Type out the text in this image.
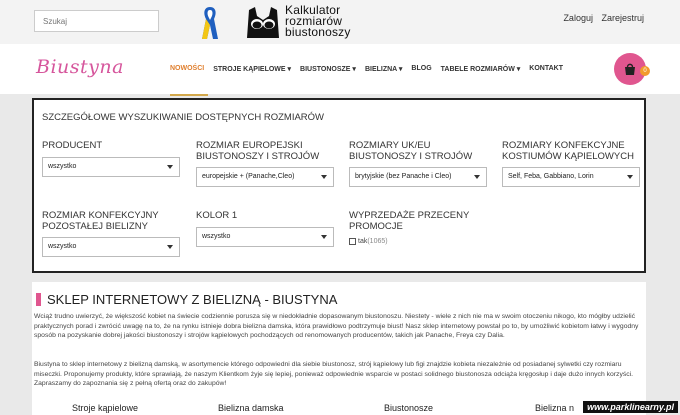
Szukaj
Kalkulator
rozmiarów
biustonoszy
Zaloguj Zarejestruj
Biustyna	NOWOŚCI STROJE KĄPIELOWE ▾ BIUSTONOSZE ▾ BIELIZNA ▾ BLOG TABELE ROZMIARÓW ▾ KONTAKT	0
SZCZEGÓŁOWE WYSZUKIWANIE DOSTĘPNYCH ROZMIARÓW
PRODUCENT
wszystko
ROZMIAR EUROPEJSKI BIUSTONOSZY I STROJÓW
europejskie + (Panache,Cleo)
ROZMIARY UK/EU BIUSTONOSZY I STROJÓW
brytyjskie (bez Panache i Cleo)
ROZMIARY KONFEKCYJNE KOSTIUMÓW KĄPIELOWYCH
Self, Feba, Gabbiano, Lorin
ROZMIAR KONFEKCYJNY POZOSTAŁEJ BIELIZNY
wszystko
KOLOR 1
wszystko
WYPRZEDAŻE PRZECENY PROMOCJE
tak (1065)
SKLEP INTERNETOWY Z BIELIZNĄ - BIUSTYNA

Wciąż trudno uwierzyć, że większość kobiet na świecie codziennie porusza się w niedokładnie dopasowanym biustonoszu. Niestety - wiele z nich nie ma w swoim otoczeniu nikogo, kto mógłby udzielić praktycznych porad i zwrócić uwagę na to, że na rynku istnieje dobra bielizna damska, która prawidłowo podtrzymuje biust! Nasz sklep internetowy powstał po to, by umożliwić kobietom łatwy i wygodny sposób na pozyskanie dobrej jakości biustonoszy i strojów kąpielowych pochodzących od renomowanych producentów, takich jak Panache, Freya czy Dalia.

Biustyna to sklep internetowy z bielizną damską, w asortymencie którego odpowiedni dla siebie biustonosz, strój kąpielowy lub figi znajdzie kobieta niezależnie od posiadanej sylwetki czy rozmiaru miseczki. Proponujemy produkty, które sprawiają, że naszym Klientkom żyje się lepiej, ponieważ odpowiednie wsparcie w postaci solidnego biustonosza odciąża kręgosłup i daje dużo innych korzyści. Zapraszamy do zapoznania się z pełną ofertą oraz do zakupów!

Stroje kąpielowe	Bielizna damska	Biustonosze	Bielizna n	www.parklinearny.pl
